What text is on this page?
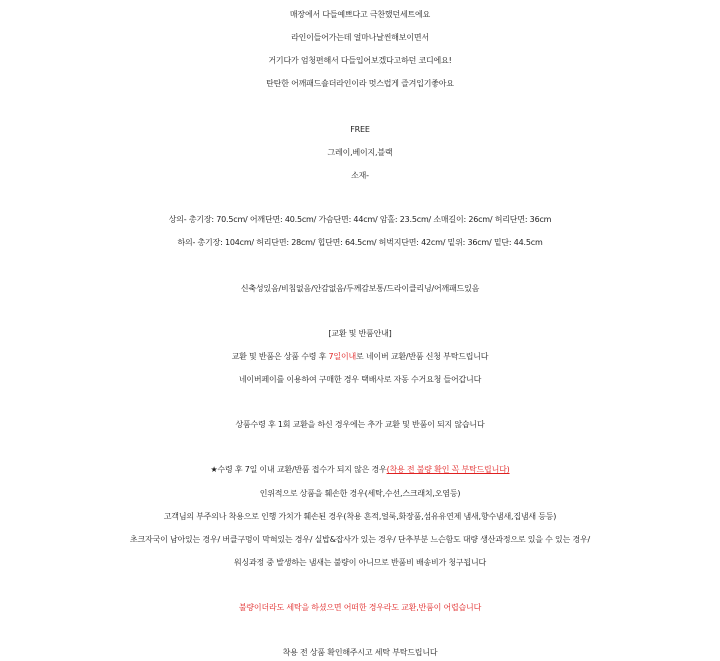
매장에서 다들예쁘다고 극찬했던세트에요
라인이들어가는데 얼마나날씬해보이면서
거기다가 엄청편해서 다들입어보겠다고하던 코디에요!
탄탄한 어깨패드숄더라인이라 멋스럽게 즐겨입기좋아요
FREE
그레이,베이지,블랙
소재-
상의- 총기장: 70.5cm/ 어깨단면: 40.5cm/ 가슴단면: 44cm/ 암홀: 23.5cm/ 소매길이: 26cm/ 허리단면: 36cm
하의- 총기장: 104cm/ 허리단면: 28cm/ 힙단면: 64.5cm/ 허벅지단면: 42cm/ 밑위: 36cm/ 밑단: 44.5cm
신축성있음/비침없음/안감없음/두께감보통/드라이클리닝/어깨패드있음
[교환 및 반품안내]
교환 및 반품은 상품 수령 후 7일이내로 네이버 교환/반품 신청 부탁드립니다
네이버페이를 이용하여 구매한 경우 택배사로 자동 수거요청 들어갑니다
상품수령 후 1회 교환을 하신 경우에는 추가 교환 및 반품이 되지 않습니다
★수령 후 7일 이내 교환/반품 접수가 되지 않은 경우(착용 전 불량 확인 꼭 부탁드립니다)
인위적으로 상품을 훼손한 경우(세탁,수선,스크래치,오염등)
고객님의 부주의나 착용으로 인행 가치가 훼손된 경우(착용 흔적,얼룩,화장품,섬유유연제 냄새,향수냄새,집냄새 등등)
초크자국이 남아있는 경우/ 버클구멍이 막혀있는 경우/ 실밥&잡사가 있는 경우/ 단추부분 느슨함도 대량 생산과정으로 있을 수 있는 경우/
워싱과정 중 발생하는 냄새는 불량이 아니므로 반품비 배송비가 청구됩니다
불량이더라도 세탁을 하셨으면 어떠한 경우라도 교환,반품이 어렵습니다
착용 전 상품 확인해주시고 세탁 부탁드립니다
